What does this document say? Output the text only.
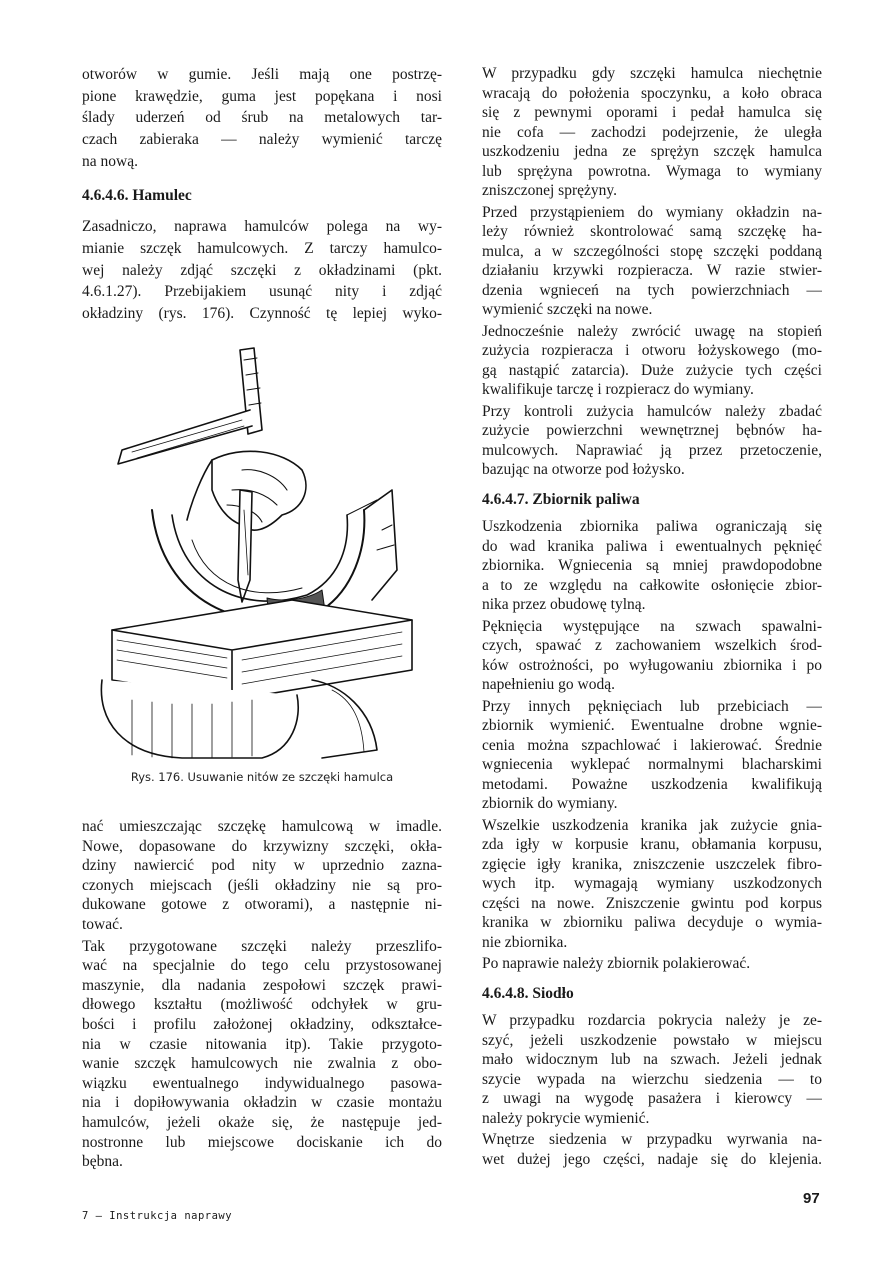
otworów w gumie. Jeśli mają one postrzę-
pione krawędzie, guma jest popękana i nosi
ślady uderzeń od śrub na metalowych tar-
czach zabieraka — należy wymienić tarczę
na nową.
4.6.4.6. Hamulec
Zasadniczo, naprawa hamulców polega na wy-
mianie szczęk hamulcowych. Z tarczy hamulco-
wej należy zdjąć szczęki z okładzinami (pkt.
4.6.1.27). Przebijakiem usunąć nity i zdjąć
okładziny (rys. 176). Czynność tę lepiej wyko-
Rys. 176. Usuwanie nitów ze szczęki hamulca
nać umieszczając szczękę hamulcową w imadle.
Nowe, dopasowane do krzywizny szczęki, okła-
dziny nawiercić pod nity w uprzednio zazna-
czonych miejscach (jeśli okładziny nie są pro-
dukowane gotowe z otworami), a następnie ni-
tować.
Tak przygotowane szczęki należy przeszlifo-
wać na specjalnie do tego celu przystosowanej
maszynie, dla nadania zespołowi szczęk prawi-
dłowego kształtu (możliwość odchyłek w gru-
bości i profilu założonej okładziny, odkształce-
nia w czasie nitowania itp). Takie przygoto-
wanie szczęk hamulcowych nie zwalnia z obo-
wiązku ewentualnego indywidualnego pasowa-
nia i dopiłowywania okładzin w czasie montażu
hamulców, jeżeli okaże się, że następuje jed-
nostronne lub miejscowe dociskanie ich do
bębna.
W przypadku gdy szczęki hamulca niechętnie
wracają do położenia spoczynku, a koło obraca
się z pewnymi oporami i pedał hamulca się
nie cofa — zachodzi podejrzenie, że uległa
uszkodzeniu jedna ze sprężyn szczęk hamulca
lub sprężyna powrotna. Wymaga to wymiany
zniszczonej sprężyny.
Przed przystąpieniem do wymiany okładzin na-
leży również skontrolować samą szczękę ha-
mulca, a w szczególności stopę szczęki poddaną
działaniu krzywki rozpieracza. W razie stwier-
dzenia wgnieceń na tych powierzchniach —
wymienić szczęki na nowe.
Jednocześnie należy zwrócić uwagę na stopień
zużycia rozpieracza i otworu łożyskowego (mo-
gą nastąpić zatarcia). Duże zużycie tych części
kwalifikuje tarczę i rozpieracz do wymiany.
Przy kontroli zużycia hamulców należy zbadać
zużycie powierzchni wewnętrznej bębnów ha-
mulcowych. Naprawiać ją przez przetoczenie,
bazując na otworze pod łożysko.
4.6.4.7. Zbiornik paliwa
Uszkodzenia zbiornika paliwa ograniczają się
do wad kranika paliwa i ewentualnych pęknięć
zbiornika. Wgniecenia są mniej prawdopodobne
a to ze względu na całkowite osłonięcie zbior-
nika przez obudowę tylną.
Pęknięcia występujące na szwach spawalni-
czych, spawać z zachowaniem wszelkich środ-
ków ostrożności, po wyługowaniu zbiornika i po
napełnieniu go wodą.
Przy innych pęknięciach lub przebiciach —
zbiornik wymienić. Ewentualne drobne wgnie-
cenia można szpachlować i lakierować. Średnie
wgniecenia wyklepać normalnymi blacharskimi
metodami. Poważne uszkodzenia kwalifikują
zbiornik do wymiany.
Wszelkie uszkodzenia kranika jak zużycie gnia-
zda igły w korpusie kranu, obłamania korpusu,
zgięcie igły kranika, zniszczenie uszczelek fibro-
wych itp. wymagają wymiany uszkodzonych
części na nowe. Zniszczenie gwintu pod korpus
kranika w zbiorniku paliwa decyduje o wymia-
nie zbiornika.
Po naprawie należy zbiornik polakierować.
4.6.4.8. Siodło
W przypadku rozdarcia pokrycia należy je ze-
szyć, jeżeli uszkodzenie powstało w miejscu
mało widocznym lub na szwach. Jeżeli jednak
szycie wypada na wierzchu siedzenia — to
z uwagi na wygodę pasażera i kierowcy —
należy pokrycie wymienić.
Wnętrze siedzenia w przypadku wyrwania na-
wet dużej jego części, nadaje się do klejenia.
7 — Instrukcja naprawy
97
